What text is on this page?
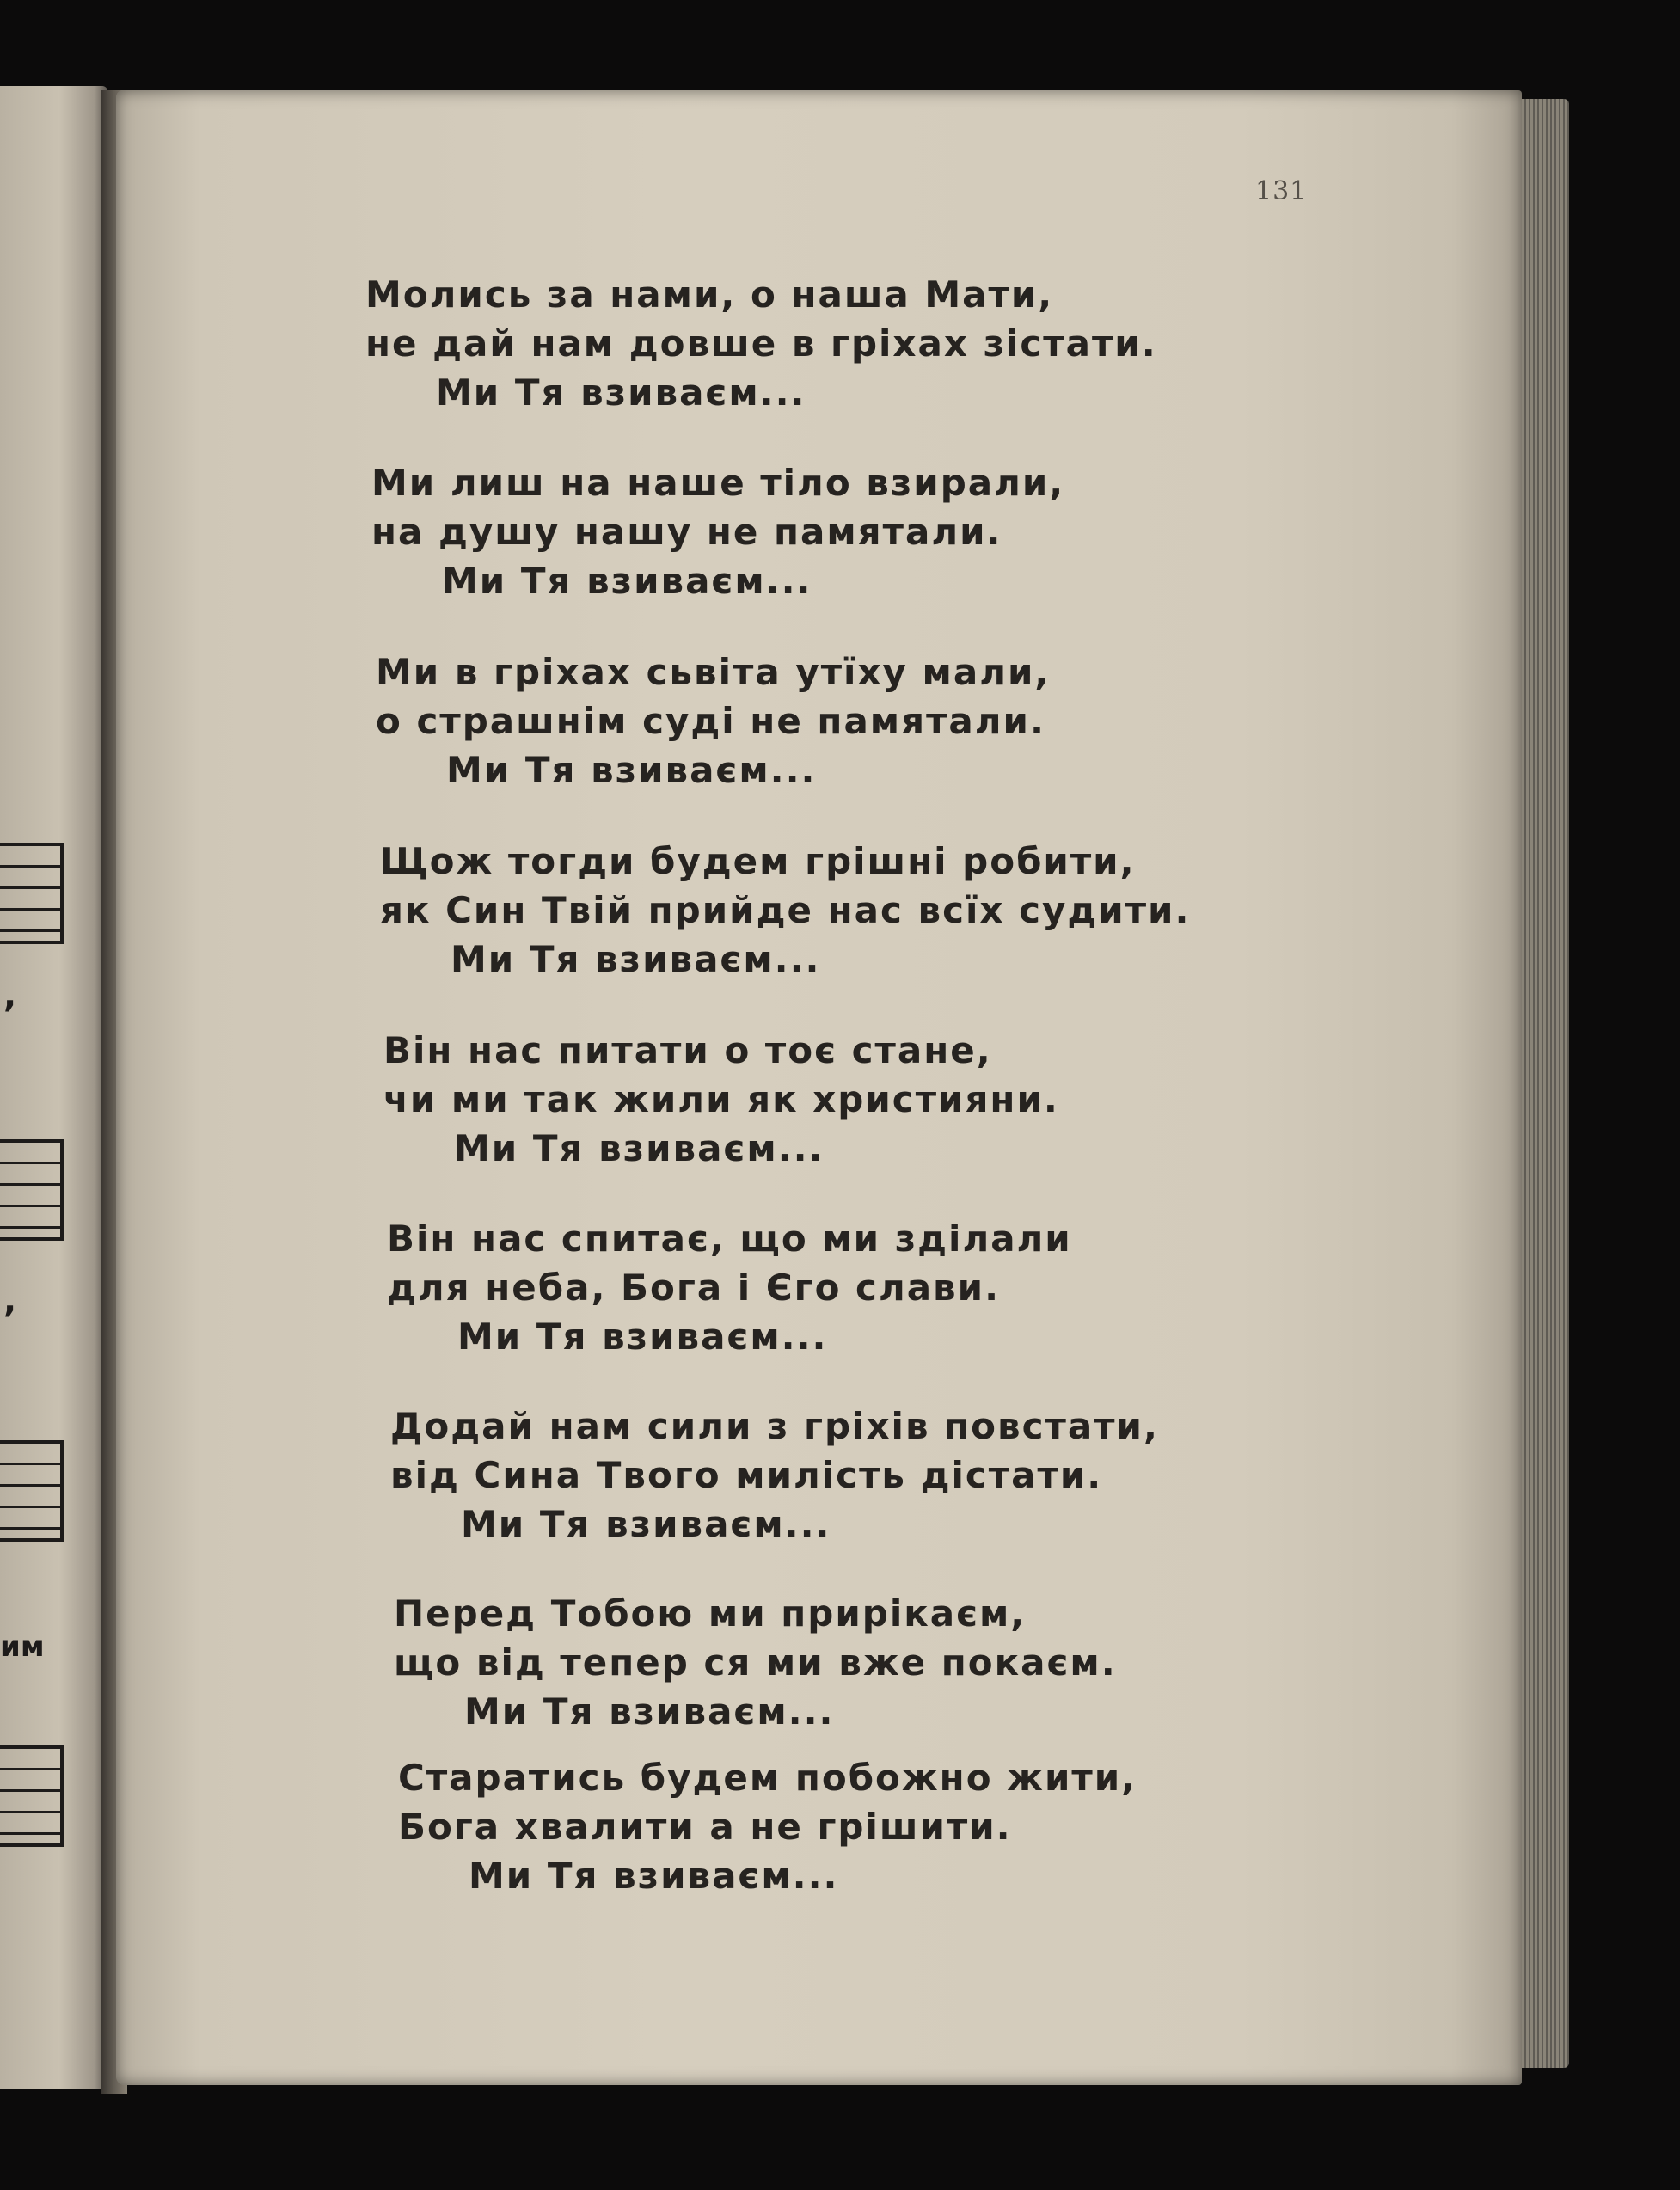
,
,
им
131
Молись за нами, о наша Мати,
не дай нам довше в гріхах зістати.
Ми Тя взиваєм...
Ми лиш на наше тіло взирали,
на душу нашу не памятали.
Ми Тя взиваєм...
Ми в гріхах сьвіта утїху мали,
о страшнім суді не памятали.
Ми Тя взиваєм...
Щож тогди будем грішні робити,
як Син Твій прийде нас всїх судити.
Ми Тя взиваєм...
Він нас питати о тоє стане,
чи ми так жили як християни.
Ми Тя взиваєм...
Він нас спитає, що ми зділали
для неба, Бога і Єго слави.
Ми Тя взиваєм...
Додай нам сили з гріхів повстати,
від Сина Твого милість дістати.
Ми Тя взиваєм...
Перед Тобою ми прирікаєм,
що від тепер ся ми вже покаєм.
Ми Тя взиваєм...
Старатись будем побожно жити,
Бога хвалити а не грішити.
Ми Тя взиваєм...
